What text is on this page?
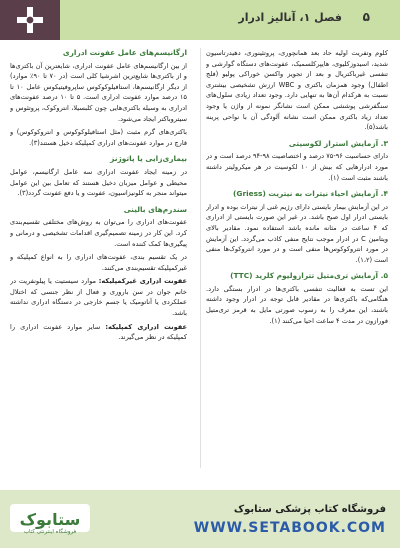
۵
فصل ۱، آنالیز ادرار

کلوم وتفریت اولیه حاد بعد همانچوری، پروتئینوری، دهیدرتاسیون شدید، اسیدوزکلیوی، هایپرکلسمیک، عفونت‌های دستگاه گوارشی و تنفسی غیرباکتریال و بعد از تجویز واکسن خوراکی پولیو (فلج اطفال) وجود همزمان باکتری و WBC ارزش تشخیصی بیشتری نسبت به هرکدام آن‌ها به تنهایی دارد. وجود تعداد زیادی سلول‌های سنگفرشی پوششی ممکن است نشانگر نمونه از واژن یا وجود تعداد زیاد باکتری ممکن است نشانه آلودگی آن با نواحی پرینه باشد(۵).

۳. آزمایش استراز لکوسیتی

دارای حساسیت ۹۶-۷۵ درصد و اختصاصیت ۹۸-۹۴ درصد است و در مورد ادرارهایی که بیش از ۱۰ لکوسیت در هر میکرولیتر داشته باشند مثبت است (۱).

۴. آزمایش احیاء نیترات به نیتریت (Griess)

در این آزمایش بیمار بایستی دارای رژیم غنی از نیترات بوده و ادرار بایستی ادرار اول صبح باشد. در غیر این صورت بایستی از ادراری که ۴ ساعت در مثانه مانده باشد استفاده نمود. مقادیر بالای ویتامین C در ادرار موجب نتایج منفی کاذب می‌گردد. این آزمایش در مورد انتروکوکوس‌ها منفی است و در مورد انتروکوک‌ها منفی است (۱،۲).

۵. آزمایش تری‌متیل تترازولیوم کلرید (TTC)

این تست به فعالیت تنفسی باکتری‌ها در ادرار بستگی دارد. هنگامی‌که باکتری‌ها در مقادیر قابل توجه در ادرار وجود داشته باشند، این معرف را به رسوب صورتی مایل به قرمز تری‌متیل فورازون در مدت ۴ ساعت احیا می‌کنند (۱).

ارگانیسم‌های عامل عفونت ادراری

از بین ارگانیسم‌های عامل عفونت ادراری، شایعترین آن باکتری‌ها و از باکتری‌ها شایع‌ترین اشرشیا کلی است (در ۷۰ تا ۹۰٪ موارد) از دیگر ارگانیسم‌ها، استافیلوکوکوس ساپروفیتیکوس عامل ۱۰ تا ۱۵ درصد موارد عفونت ادراری است. ۵ تا ۱۰ درصد عفونت‌های ادراری به وسیله باکتری‌هایی چون کلبسیلا، انتروکوک، پروتئوس و سیتروباکتر ایجاد می‌شود.

باکتری‌های گرم مثبت (مثل استافیلوکوکوس و انتروکوکوس) و قارچ در موارد عفونت‌های ادراری کمپلیکه دخیل هستند(۳).

بیماری‌زایی یا پاتوژنز

در زمینه ایجاد عفونت ادراری سه عامل ارگانیسم، عوامل محیطی و عوامل میزبان دخیل هستند که تعامل بین این عوامل میتواند منجر به کلونیزاسیون، عفونت و یا دفع عفونت گردد(۳).

سندرم‌های بالینی

عفونت‌های ادراری را می‌توان به روش‌های مختلفی تقسیم‌بندی کرد. این کار در زمینه تصمیم‌گیری اقدامات تشخیصی و درمانی و پیگیری‌ها کمک کننده است.

در یک تقسیم بندی، عفونت‌های ادراری را به انواع کمپلیکه و غیرکمپلیکه تقسیم‌بندی می‌کنند.

عفونت ادراری غیرکمپلیکه: موارد سیستیت یا پیلونفریت در خانم جوان در سن باروری و فعال از نظر جنسی که اختلال عملکردی یا آناتومیک یا جسم خارجی در دستگاه ادراری نداشته باشد.

عفونت ادراری کمپلیکه: سایر موارد عفونت ادراری را کمپلیکه در نظر می‌گیرند.

ستابوک
فروشگاه اینترنتی کتاب
فروشگاه کتاب پزشکی ستابوک
WWW.SETABOOK.COM
